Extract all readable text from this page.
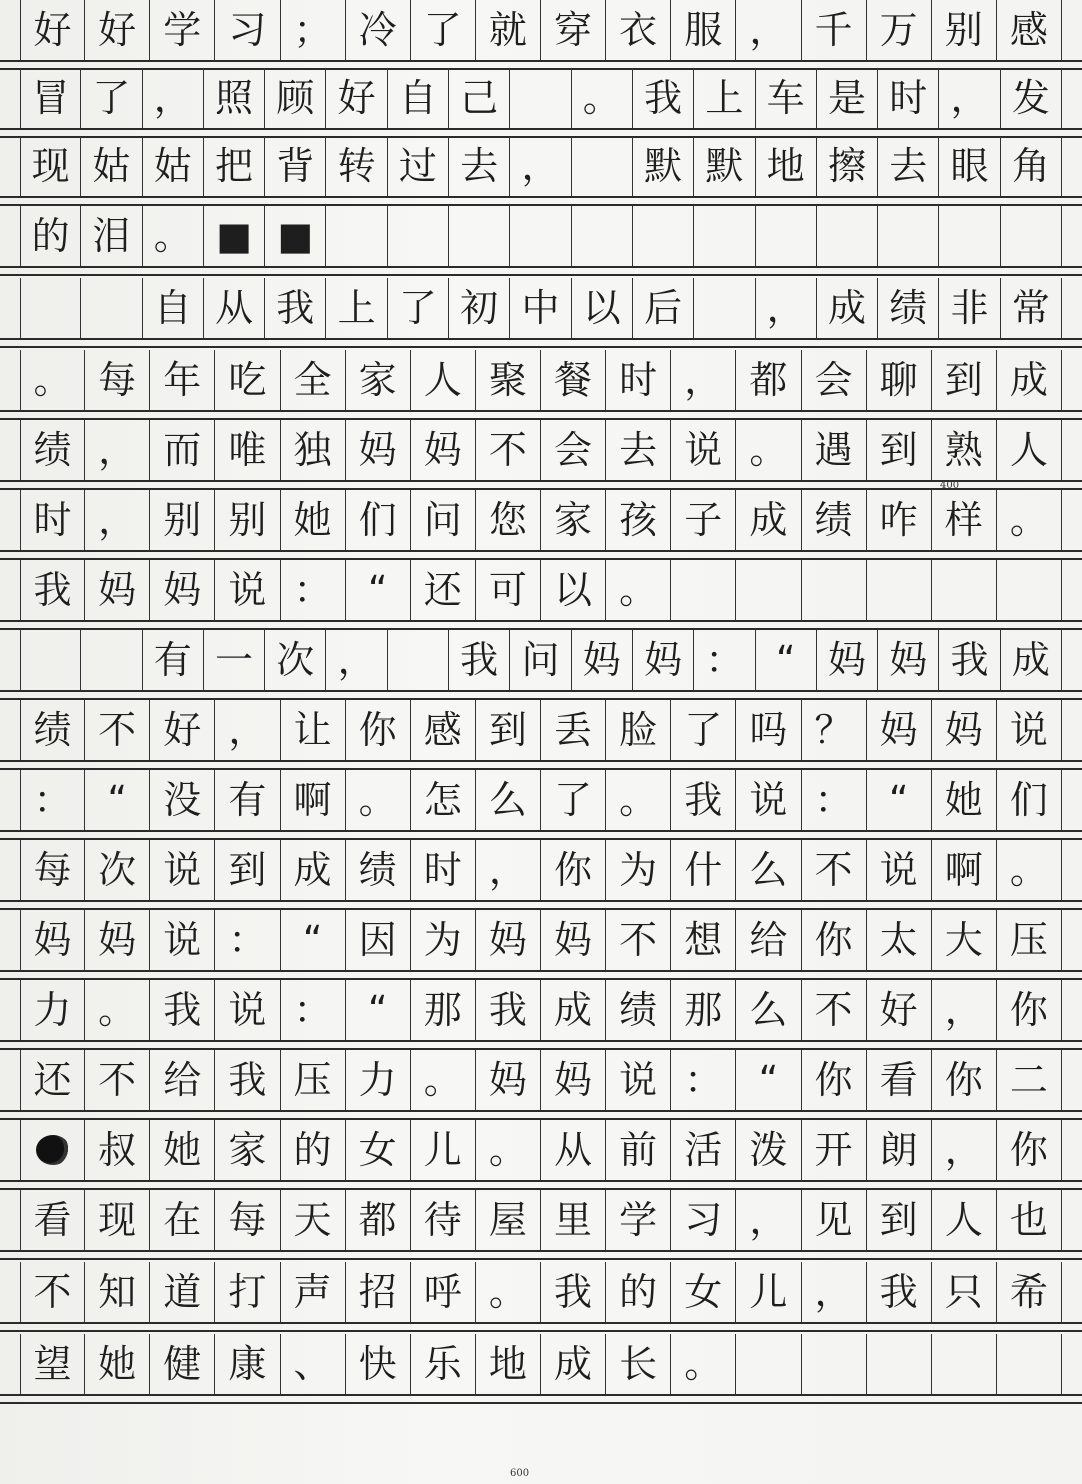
好 好 学 习 ； 冷 了 就 穿 衣 服 ， 千 万 别 感
冒 了 ， 照 顾 好 自 己	。 我 上 车 是 时 ， 发
现 姑 姑 把 背 转 过 去 ，	默 默 地 擦 去 眼 角
的 泪 。 ■ ■
自 从 我 上 了 初 中 以 后	， 成 绩 非 常
。 每 年 吃 全 家 人 聚 餐 时 ， 都 会 聊 到 成
绩 ， 而 唯 独 妈 妈 不 会 去 说 。 遇 到 熟 人
时 ， 别 别 她 们 问 您 家 孩 子 成 绩 咋 样 。
我 妈 妈 说 ： “ 还 可 以 。
有 一 次 ，	我 问 妈 妈 ： “ 妈 妈 我 成
绩 不 好 ， 让 你 感 到 丢 脸 了 吗 ？ 妈 妈 说
： “ 没 有 啊 。 怎 么 了 。 我 说 ： “ 她 们
每 次 说 到 成 绩 时 ， 你 为 什 么 不 说 啊 。
妈 妈 说 ： “ 因 为 妈 妈 不 想 给 你 太 大 压
力 。 我 说 ： “ 那 我 成 绩 那 么 不 好 ， 你
还 不 给 我 压 力 。 妈 妈 说 ： “ 你 看 你 二
叔 她 家 的 女 儿 。 从 前 活 泼 开 朗 ， 你
看 现 在 每 天 都 待 屋 里 学 习 ， 见 到 人 也
不 知 道 打 声 招 呼 。 我 的 女 儿 ， 我 只 希
望 她 健 康 、 快 乐 地 成 长 。
400
600
